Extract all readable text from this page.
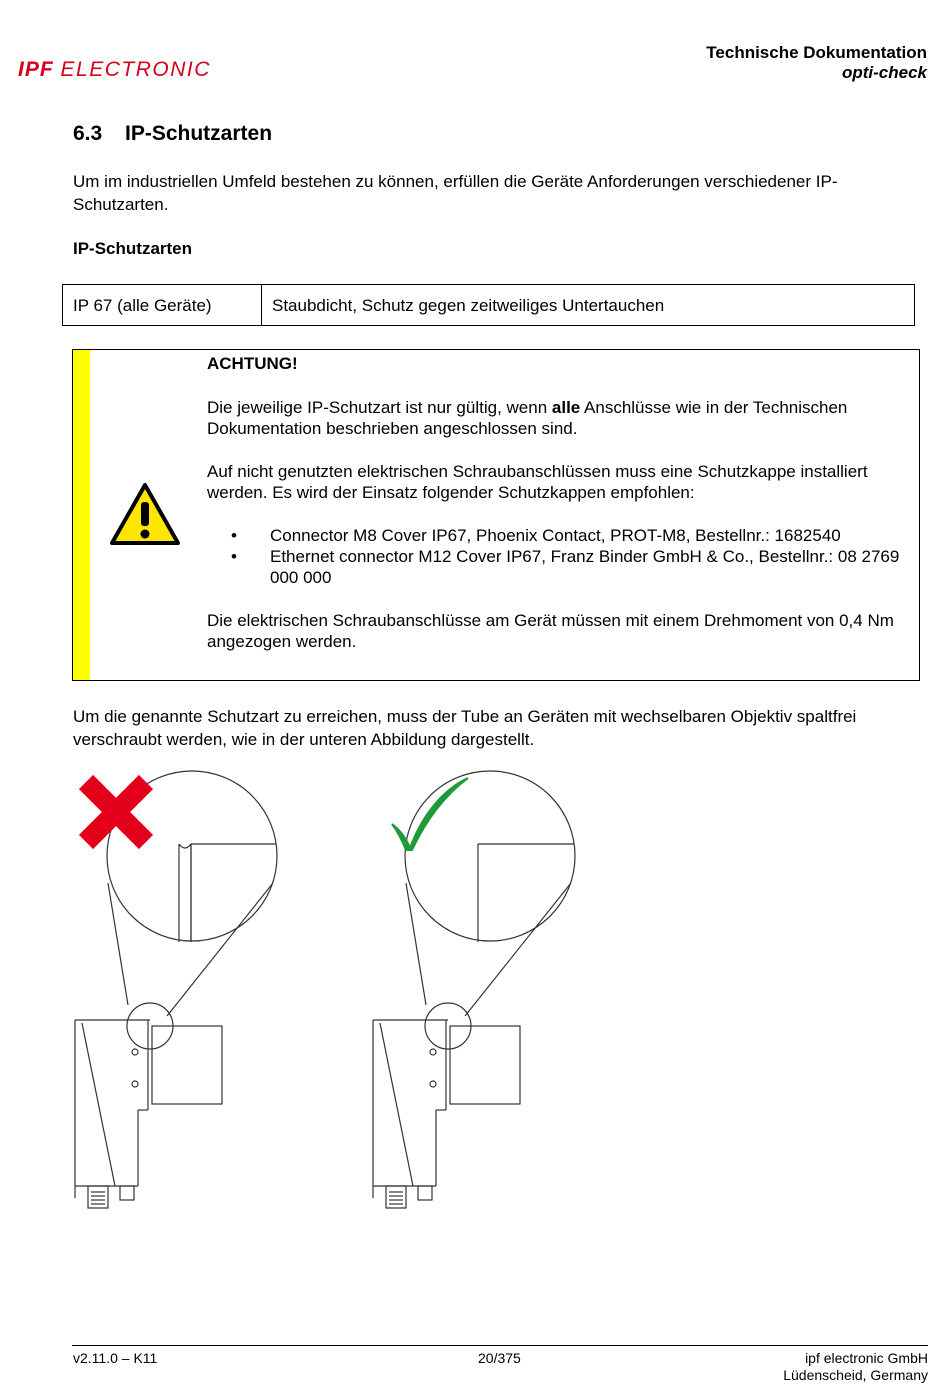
IPF ELECTRONIC
Technische Dokumentation
opti-check
6.3 IP-Schutzarten
Um im industriellen Umfeld bestehen zu können, erfüllen die Geräte Anforderungen verschiedener IP-Schutzarten.
IP-Schutzarten
IP 67 (alle Geräte)	Staubdicht, Schutz gegen zeitweiliges Untertauchen
ACHTUNG!
Die jeweilige IP-Schutzart ist nur gültig, wenn alle Anschlüsse wie in der Technischen Dokumentation beschrieben angeschlossen sind.
Auf nicht genutzten elektrischen Schraubanschlüssen muss eine Schutzkappe installiert werden. Es wird der Einsatz folgender Schutzkappen empfohlen:
• Connector M8 Cover IP67, Phoenix Contact, PROT-M8, Bestellnr.: 1682540
• Ethernet connector M12 Cover IP67, Franz Binder GmbH & Co., Bestellnr.: 08 2769 000 000
Die elektrischen Schraubanschlüsse am Gerät müssen mit einem Drehmoment von 0,4 Nm angezogen werden.
Um die genannte Schutzart zu erreichen, muss der Tube an Geräten mit wechselbaren Objektiv spaltfrei verschraubt werden, wie in der unteren Abbildung dargestellt.
v2.11.0 – K11	20/375	ipf electronic GmbH
Lüdenscheid, Germany
